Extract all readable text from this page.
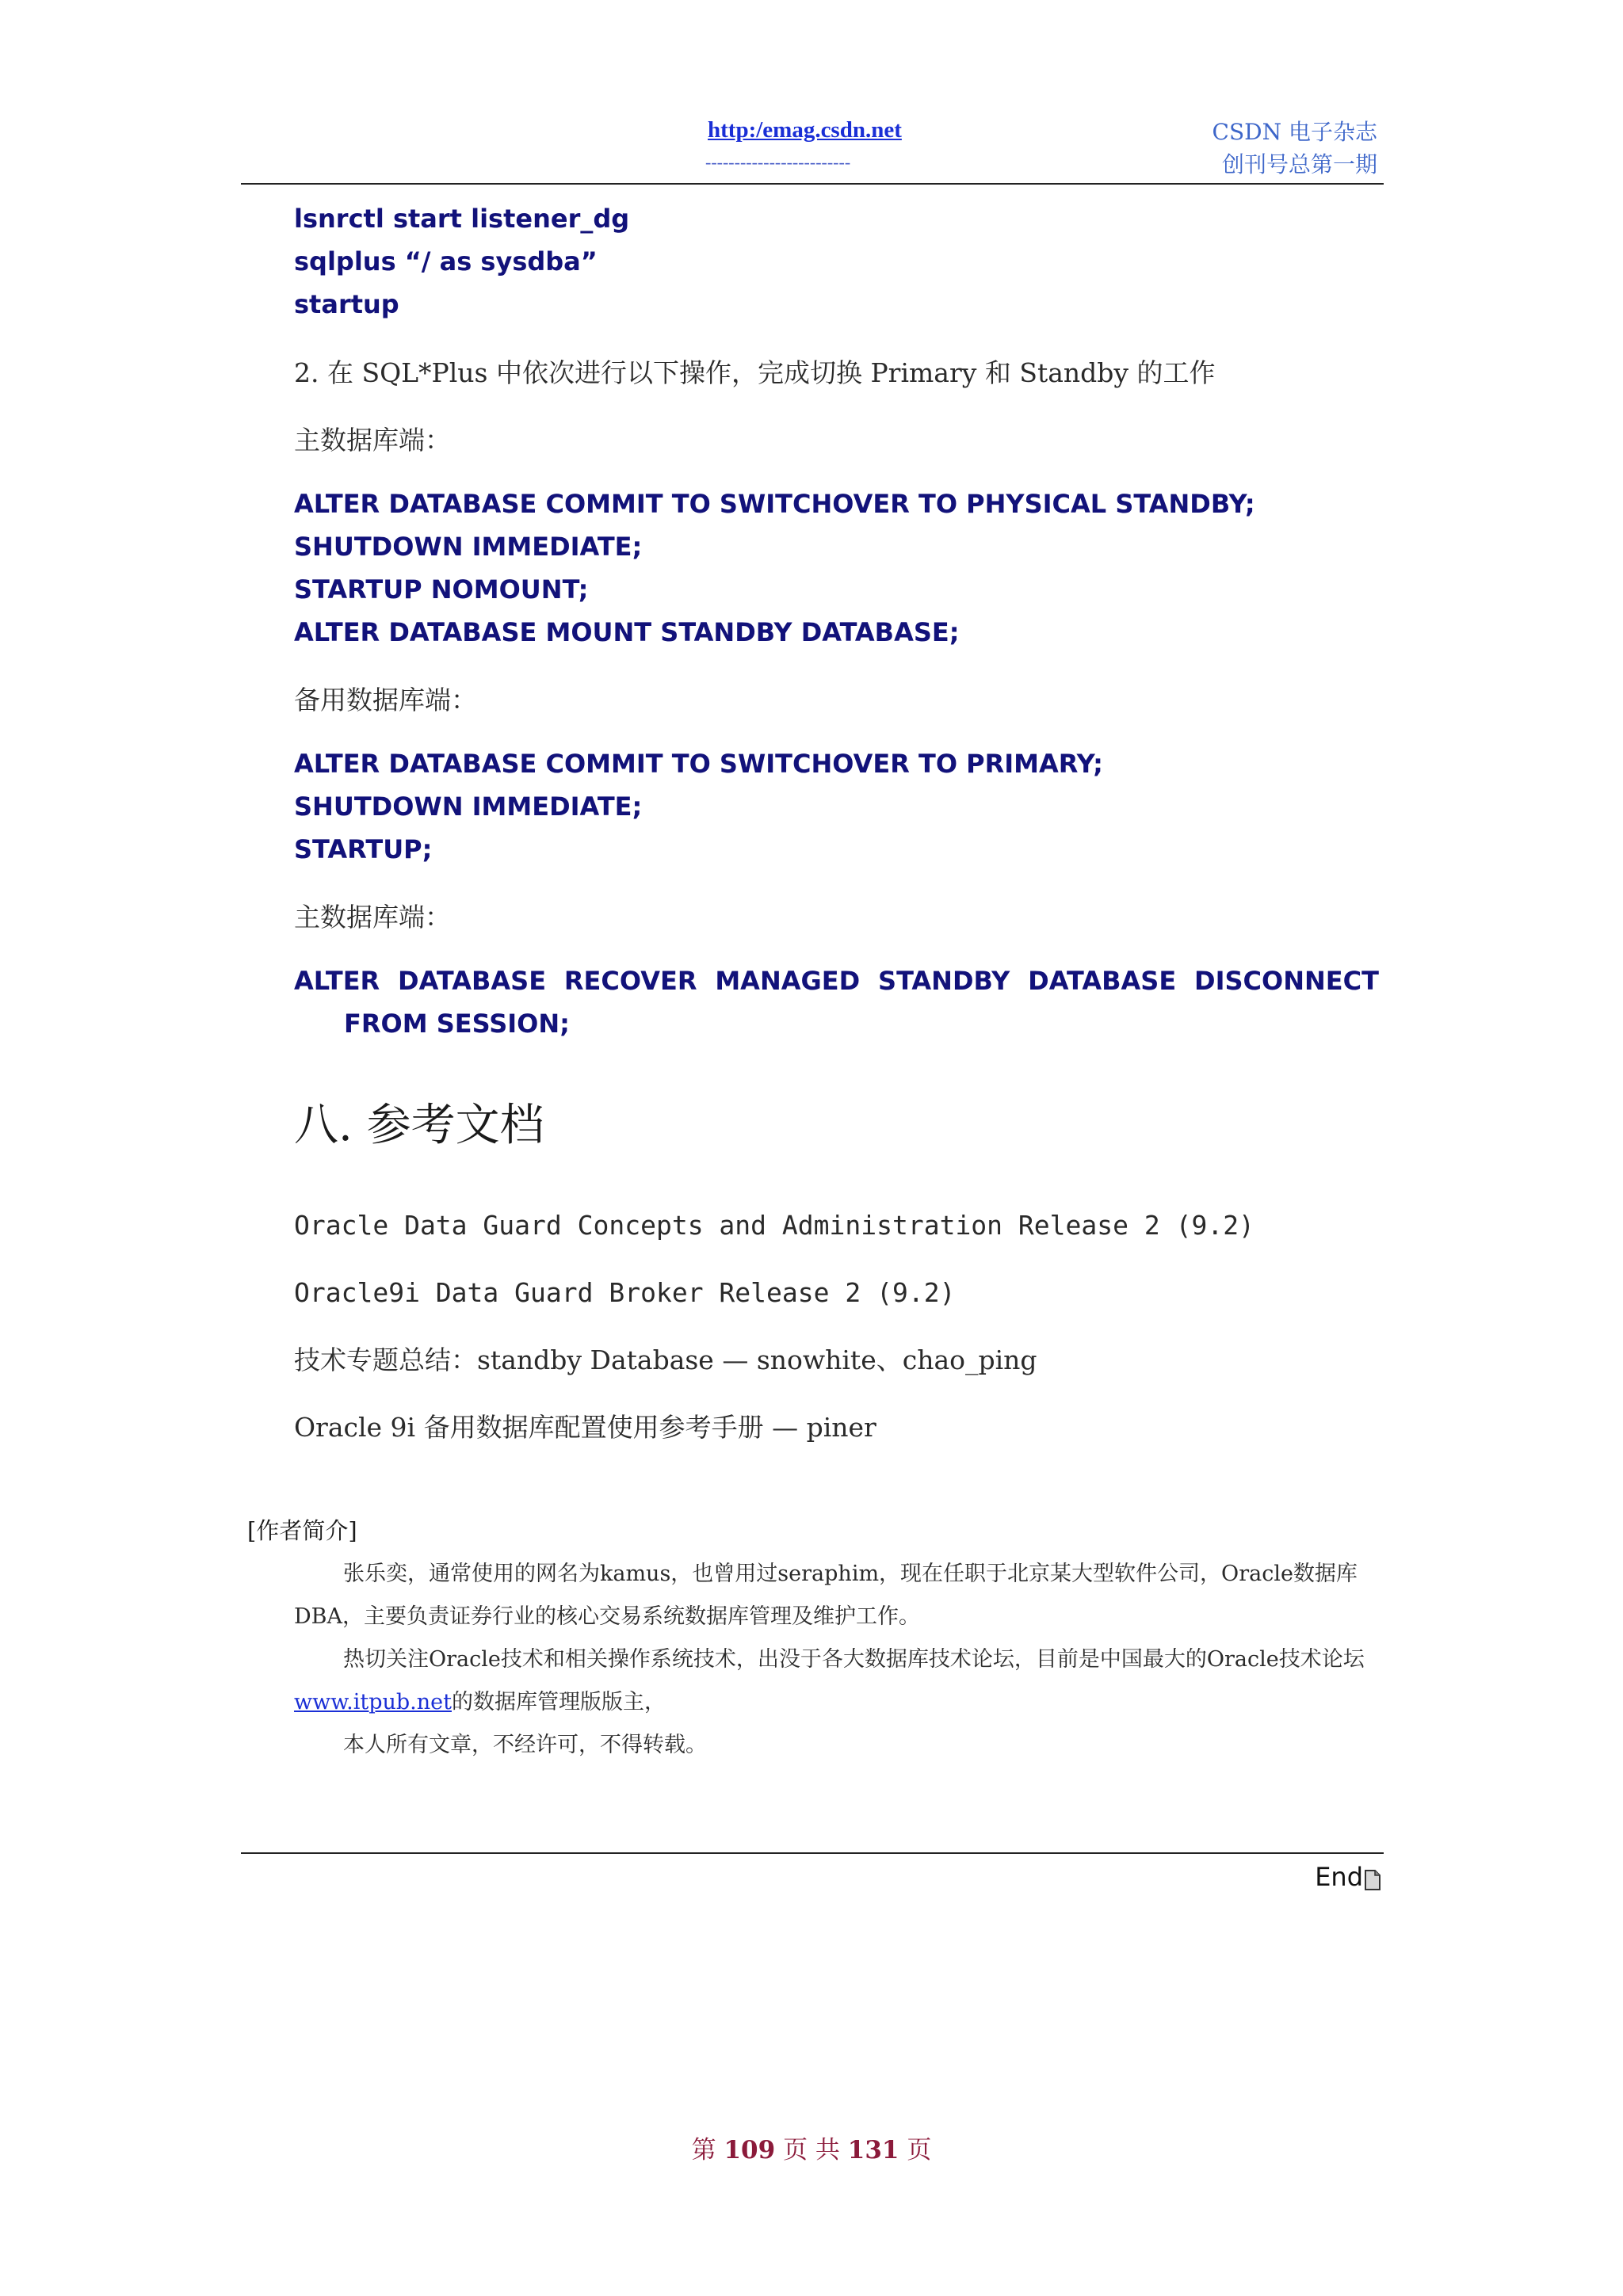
http:/emag.csdn.net
-------------------------
CSDN 电子杂志
创刊号总第一期
lsnrctl start listener_dg
sqlplus “/ as sysdba”
startup
2. 在 SQL*Plus 中依次进行以下操作，完成切换 Primary 和 Standby 的工作
主数据库端：
ALTER DATABASE COMMIT TO SWITCHOVER TO PHYSICAL STANDBY;
SHUTDOWN IMMEDIATE;
STARTUP NOMOUNT;
ALTER DATABASE MOUNT STANDBY DATABASE;
备用数据库端：
ALTER DATABASE COMMIT TO SWITCHOVER TO PRIMARY;
SHUTDOWN IMMEDIATE;
STARTUP;
主数据库端：
ALTER DATABASE RECOVER MANAGED STANDBY DATABASE DISCONNECT
FROM SESSION;
八. 参考文档
Oracle Data Guard Concepts and Administration Release 2 (9.2)
Oracle9i Data Guard Broker Release 2 (9.2)
技术专题总结：standby Database — snowhite、chao_ping
Oracle 9i 备用数据库配置使用参考手册 — piner
[作者简介]

张乐奕，通常使用的网名为kamus，也曾用过seraphim，现在任职于北京某大型软件公司，Oracle数据库DBA，主要负责证券行业的核心交易系统数据库管理及维护工作。

热切关注Oracle技术和相关操作系统技术，出没于各大数据库技术论坛，目前是中国最大的Oracle技术论坛www.itpub.net的数据库管理版版主，

本人所有文章，不经许可，不得转载。

End
第 109 页 共 131 页
